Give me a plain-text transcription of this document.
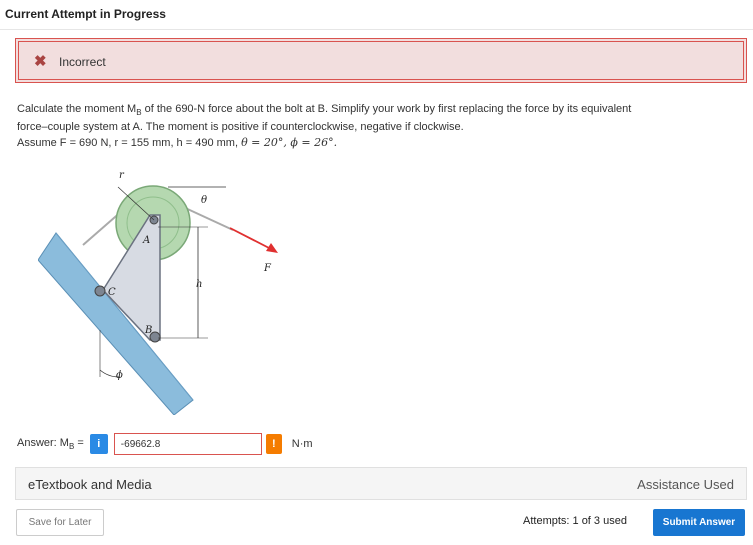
Current Attempt in Progress
✖ Incorrect
Calculate the moment $M_B$ of the 690-N force about the bolt at B. Simplify your work by first replacing the force by its equivalent
force–couple system at A. The moment is positive if counterclockwise, negative if clockwise.
Assume F = 690 N, r = 155 mm, h = 490 mm, θ = 20°, ϕ = 26°.
r
θ
A
F
h
C
B
ϕ
Answer: $M_B$ =	i
-69662.8	!	N·m
eTextbook and Media	Assistance Used
Save for Later	Attempts: 1 of 3 used	Submit Answer
